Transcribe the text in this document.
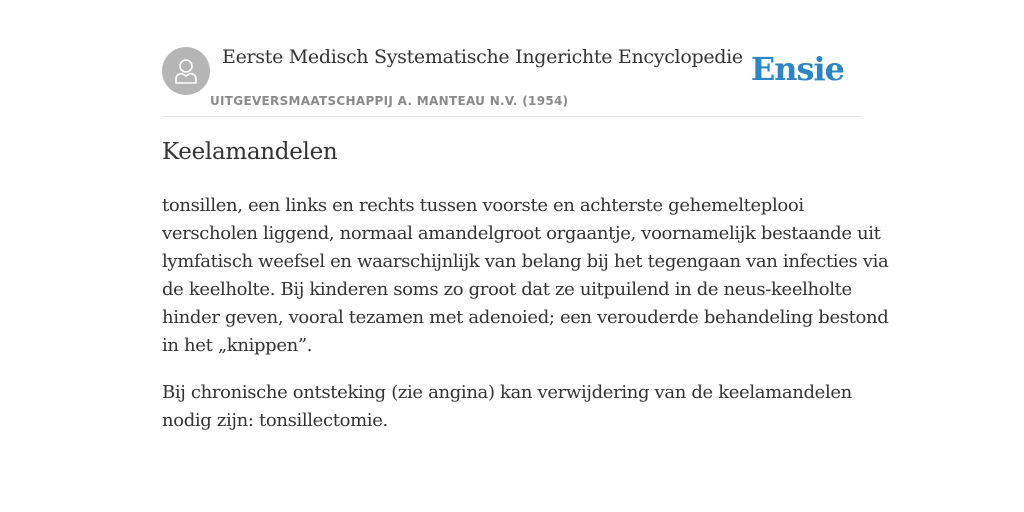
Eerste Medisch Systematische Ingerichte Encyclopedie
UITGEVERSMAATSCHAPPIJ A. MANTEAU N.V. (1954)
Ensie
Keelamandelen

tonsillen, een links en rechts tussen voorste en achterste gehemelteplooi
verscholen liggend, normaal amandelgroot orgaantje, voornamelijk bestaande uit
lymfatisch weefsel en waarschijnlijk van belang bij het tegengaan van infecties via
de keelholte. Bij kinderen soms zo groot dat ze uitpuilend in de neus-keelholte
hinder geven, vooral tezamen met adenoied; een verouderde behandeling bestond
in het „knippen”.

Bij chronische ontsteking (zie angina) kan verwijdering van de keelamandelen
nodig zijn: tonsillectomie.
